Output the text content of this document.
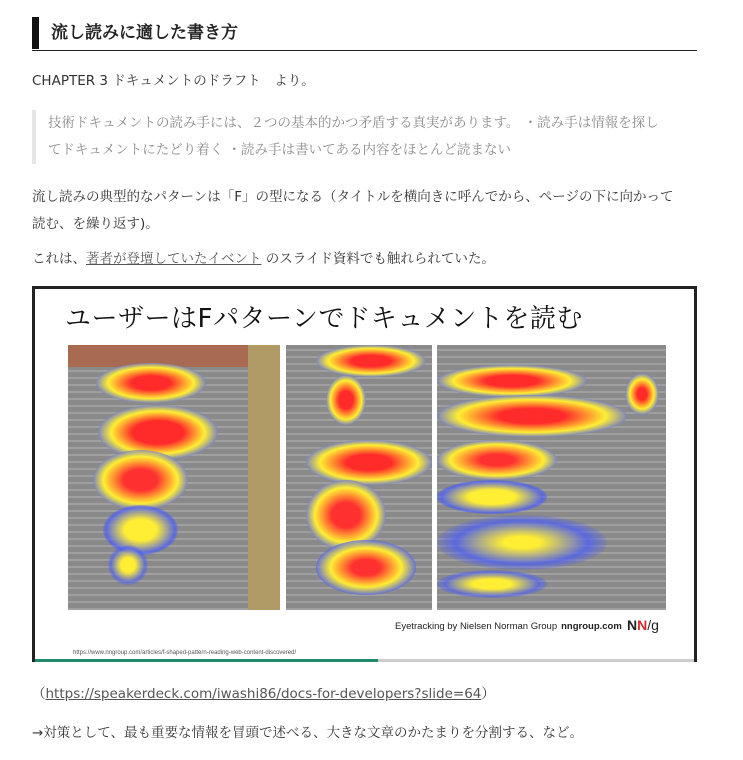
流し読みに適した書き方

CHAPTER 3 ドキュメントのドラフト　より。

技術ドキュメントの読み手には、２つの基本的かつ矛盾する真実があります。 ・読み手は情報を探し

てドキュメントにたどり着く ・読み手は書いてある内容をほとんど読まない

流し読みの典型的なパターンは「F」の型になる（タイトルを横向きに呼んでから、ページの下に向かって
読む、を繰り返す)。

これは、著者が登壇していたイベント のスライド資料でも触れられていた。

ユーザーはFパターンでドキュメントを読む
Eyetracking by Nielsen Norman Group nngroup.com NN/g
https://www.nngroup.com/articles/f-shaped-pattern-reading-web-content-discovered/

（https://speakerdeck.com/iwashi86/docs-for-developers?slide=64）

→対策として、最も重要な情報を冒頭で述べる、大きな文章のかたまりを分割する、など。
